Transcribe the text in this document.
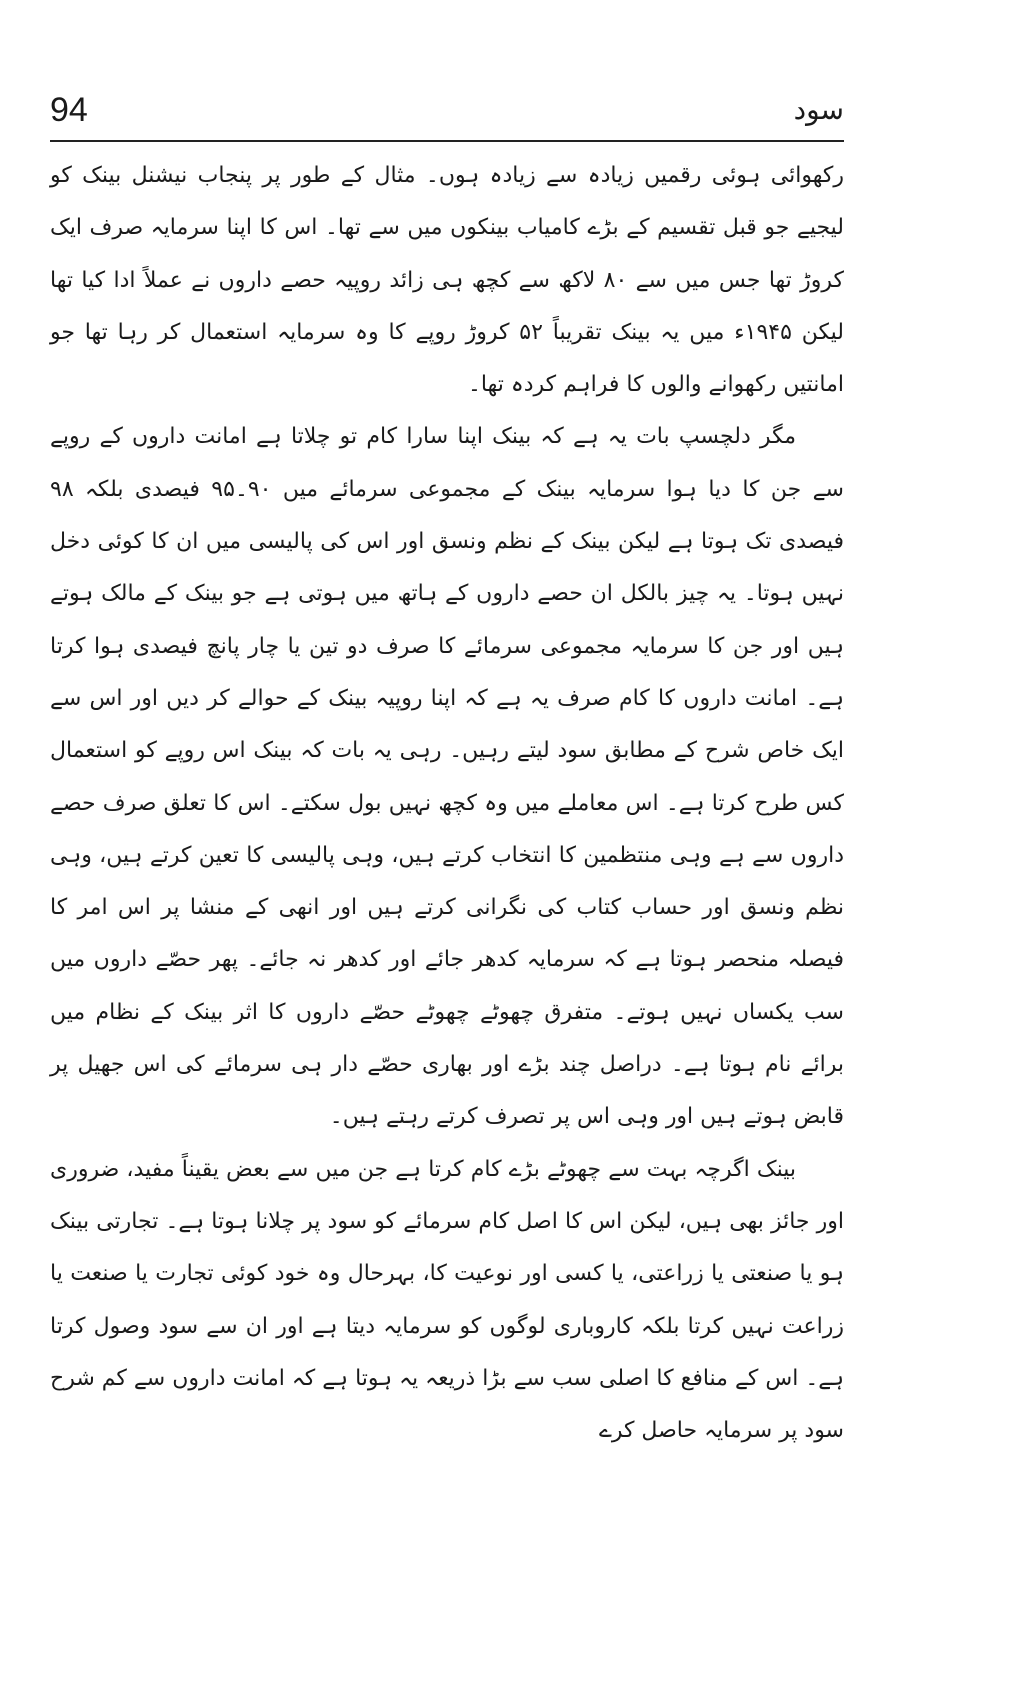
94	سود

رکھوائی ہوئی رقمیں زیادہ سے زیادہ ہوں۔ مثال کے طور پر پنجاب نیشنل بینک کو لیجیے جو قبل تقسیم کے بڑے کامیاب بینکوں میں سے تھا۔ اس کا اپنا سرمایہ صرف ایک کروڑ تھا جس میں سے ۸۰ لاکھ سے کچھ ہی زائد روپیہ حصے داروں نے عملاً ادا کیا تھا لیکن ۱۹۴۵ء میں یہ بینک تقریباً ۵۲ کروڑ روپے کا وہ سرمایہ استعمال کر رہا تھا جو امانتیں رکھوانے والوں کا فراہم کردہ تھا۔

مگر دلچسپ بات یہ ہے کہ بینک اپنا سارا کام تو چلاتا ہے امانت داروں کے روپے سے جن کا دیا ہوا سرمایہ بینک کے مجموعی سرمائے میں ۹۰۔۹۵ فیصدی بلکہ ۹۸ فیصدی تک ہوتا ہے لیکن بینک کے نظم ونسق اور اس کی پالیسی میں ان کا کوئی دخل نہیں ہوتا۔ یہ چیز بالکل ان حصے داروں کے ہاتھ میں ہوتی ہے جو بینک کے مالک ہوتے ہیں اور جن کا سرمایہ مجموعی سرمائے کا صرف دو تین یا چار پانچ فیصدی ہوا کرتا ہے۔ امانت داروں کا کام صرف یہ ہے کہ اپنا روپیہ بینک کے حوالے کر دیں اور اس سے ایک خاص شرح کے مطابق سود لیتے رہیں۔ رہی یہ بات کہ بینک اس روپے کو استعمال کس طرح کرتا ہے۔ اس معاملے میں وہ کچھ نہیں بول سکتے۔ اس کا تعلق صرف حصے داروں سے ہے وہی منتظمین کا انتخاب کرتے ہیں، وہی پالیسی کا تعین کرتے ہیں، وہی نظم ونسق اور حساب کتاب کی نگرانی کرتے ہیں اور انھی کے منشا پر اس امر کا فیصلہ منحصر ہوتا ہے کہ سرمایہ کدھر جائے اور کدھر نہ جائے۔ پھر حصّے داروں میں سب یکساں نہیں ہوتے۔ متفرق چھوٹے چھوٹے حصّے داروں کا اثر بینک کے نظام میں برائے نام ہوتا ہے۔ دراصل چند بڑے اور بھاری حصّے دار ہی سرمائے کی اس جھیل پر قابض ہوتے ہیں اور وہی اس پر تصرف کرتے رہتے ہیں۔

بینک اگرچہ بہت سے چھوٹے بڑے کام کرتا ہے جن میں سے بعض یقیناً مفید، ضروری اور جائز بھی ہیں، لیکن اس کا اصل کام سرمائے کو سود پر چلانا ہوتا ہے۔ تجارتی بینک ہو یا صنعتی یا زراعتی، یا کسی اور نوعیت کا، بہرحال وہ خود کوئی تجارت یا صنعت یا زراعت نہیں کرتا بلکہ کاروباری لوگوں کو سرمایہ دیتا ہے اور ان سے سود وصول کرتا ہے۔ اس کے منافع کا اصلی سب سے بڑا ذریعہ یہ ہوتا ہے کہ امانت داروں سے کم شرح سود پر سرمایہ حاصل کرے
